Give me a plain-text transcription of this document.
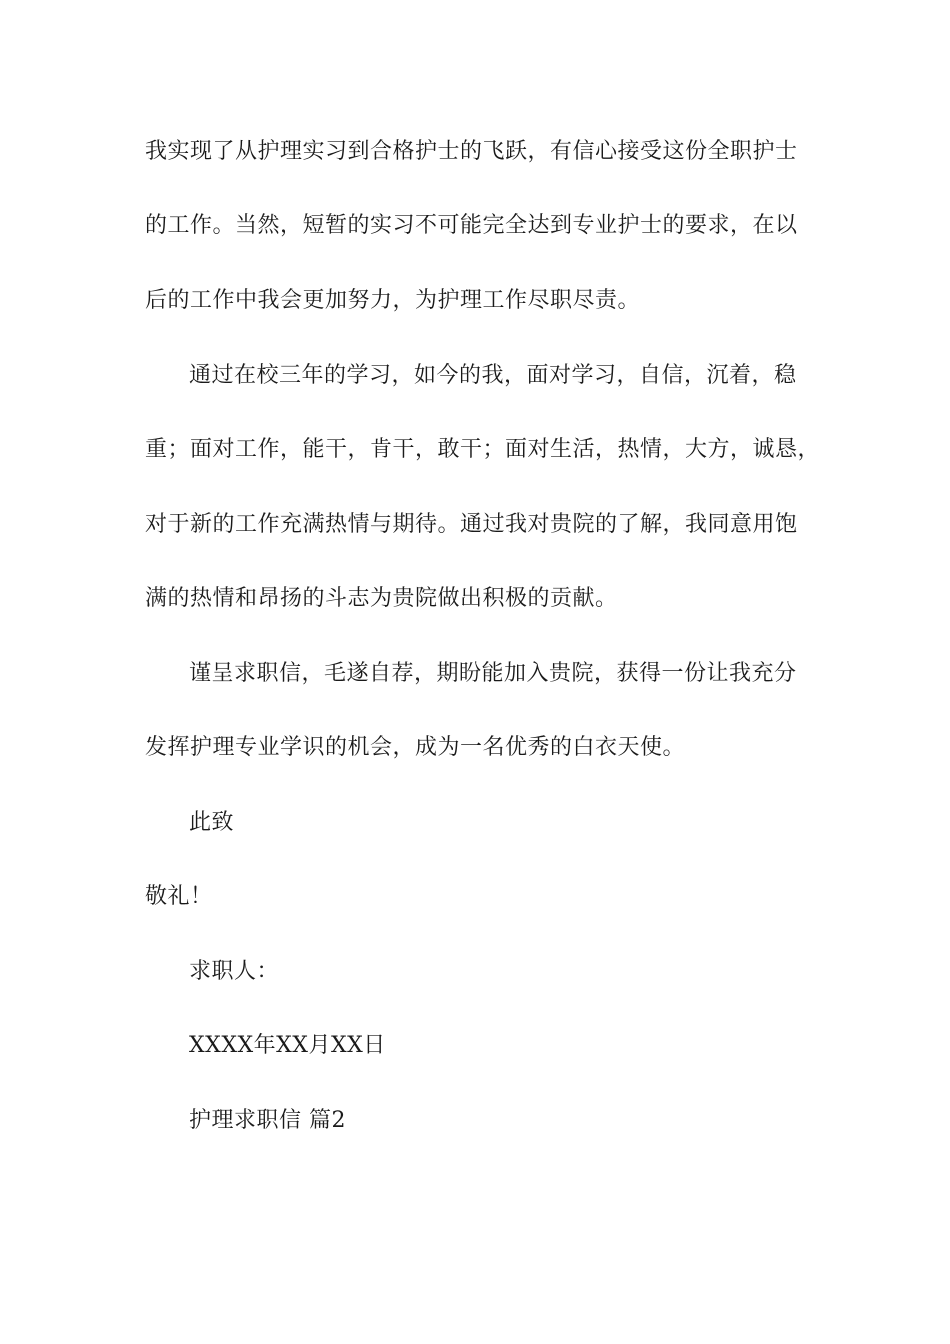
我实现了从护理实习到合格护士的飞跃，有信心接受这份全职护士
的工作。当然，短暂的实习不可能完全达到专业护士的要求，在以
后的工作中我会更加努力，为护理工作尽职尽责。
通过在校三年的学习，如今的我，面对学习，自信，沉着，稳
重；面对工作，能干，肯干，敢干；面对生活，热情，大方，诚恳，
对于新的工作充满热情与期待。通过我对贵院的了解，我同意用饱
满的热情和昂扬的斗志为贵院做出积极的贡献。
谨呈求职信，毛遂自荐，期盼能加入贵院，获得一份让我充分
发挥护理专业学识的机会，成为一名优秀的白衣天使。
此致
敬礼！
求职人：
XXXX年XX月XX日
护理求职信 篇2
